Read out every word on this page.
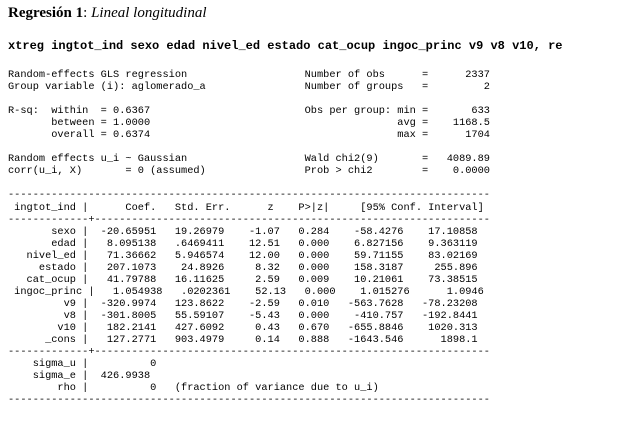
Regresión 1: Lineal longitudinal
xtreg ingtot_ind sexo edad nivel_ed estado cat_ocup ingoc_princ v9 v8 v10, re
Random-effects GLS regression                   Number of obs      =      2337
Group variable (i): aglomerado_a                Number of groups   =         2
R-sq:  within  = 0.6367                         Obs per group: min =       633
between = 1.0000                                        avg =    1168.5
overall = 0.6374                                        max =      1704
Random effects u_i ~ Gaussian                   Wald chi2(9)       =   4089.89
corr(u_i, X)       = 0 (assumed)                Prob > chi2        =    0.0000
------------------------------------------------------------------------------
ingtot_ind |      Coef.   Std. Err.      z    P>|z|     [95% Conf. Interval]
-------------+----------------------------------------------------------------
sexo |  -20.65951   19.26979    -1.07   0.284    -58.4276    17.10858
edad |   8.095138   .6469411    12.51   0.000    6.827156    9.363119
nivel_ed |   71.36662   5.946574    12.00   0.000    59.71155    83.02169
estado |   207.1073    24.8926     8.32   0.000    158.3187     255.896
cat_ocup |   41.79788   16.11625     2.59   0.009    10.21061    73.38515
ingoc_princ |   1.054938   .0202361    52.13   0.000    1.015276      1.0946
v9 |  -320.9974   123.8622    -2.59   0.010   -563.7628   -78.23208
v8 |  -301.8005   55.59107    -5.43   0.000    -410.757   -192.8441
v10 |   182.2141   427.6092     0.43   0.670   -655.8846    1020.313
_cons |   127.2771   903.4979     0.14   0.888   -1643.546      1898.1
-------------+----------------------------------------------------------------
sigma_u |          0
sigma_e |  426.9938
rho |          0   (fraction of variance due to u_i)
------------------------------------------------------------------------------
